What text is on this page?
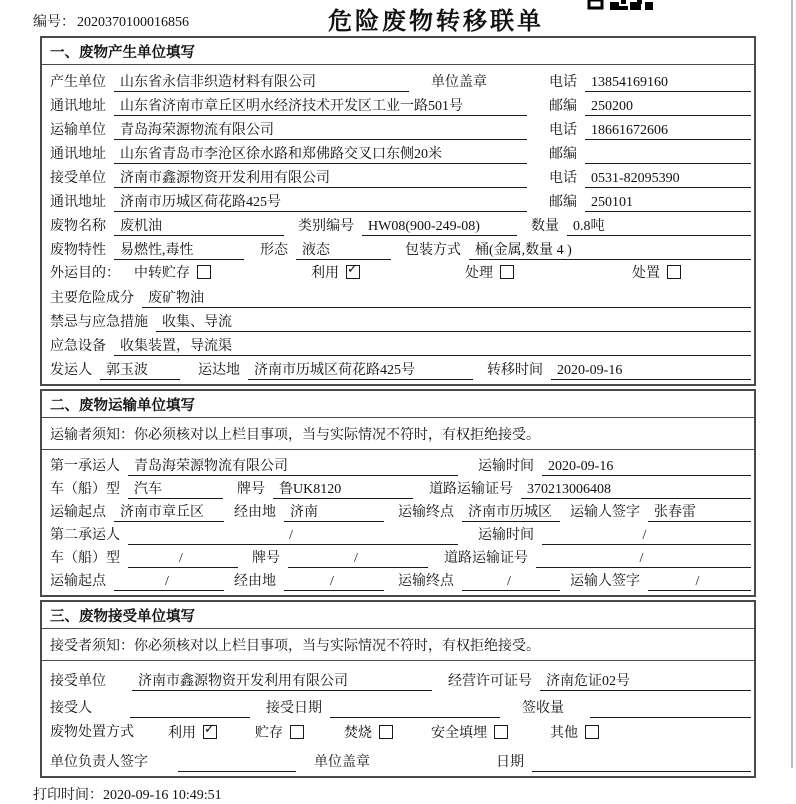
编号： 2020370100016856	危险废物转移联单
一、废物产生单位填写
产生单位	山东省永信非织造材料有限公司	单位盖章	电话	13854169160
通讯地址	山东省济南市章丘区明水经济技术开发区工业一路501号	邮编	250200
运输单位	青岛海荣源物流有限公司	电话	18661672606
通讯地址	山东省青岛市李沧区徐水路和郑佛路交叉口东侧20米	邮编
接受单位	济南市鑫源物资开发利用有限公司	电话	0531-82095390
通讯地址	济南市历城区荷花路425号	邮编	250101
废物名称	废机油	类别编号	HW08(900-249-08)	数量	0.8吨
废物特性	易燃性,毒性	形态	液态	包装方式	桶(金属,数量 4 )
外运目的： 中转贮存	利用 ✓	处理	处置
主要危险成分	废矿物油
禁忌与应急措施	收集、导流
应急设备	收集装置，导流渠
发运人	郭玉波	运达地	济南市历城区荷花路425号	转移时间	2020-09-16
二、废物运输单位填写
运输者须知：你必须核对以上栏目事项，当与实际情况不符时，有权拒绝接受。
第一承运人	青岛海荣源物流有限公司	运输时间	2020-09-16
车（船）型	汽车	牌号	鲁UK8120	道路运输证号	370213006408
运输起点	济南市章丘区	经由地	济南	运输终点	济南市历城区	运输人签字	张春雷
第二承运人	/	运输时间	/
车（船）型	/	牌号	/	道路运输证号	/
运输起点	/	经由地	/	运输终点	/	运输人签字	/
三、废物接受单位填写
接受者须知：你必须核对以上栏目事项，当与实际情况不符时，有权拒绝接受。
接受单位	济南市鑫源物资开发利用有限公司	经营许可证号	济南危证02号
接受人	接受日期	签收量
废物处置方式 利用 ✓	贮存	焚烧	安全填埋	其他
单位负责人签字	单位盖章	日期
打印时间：2020-09-16 10:49:51
